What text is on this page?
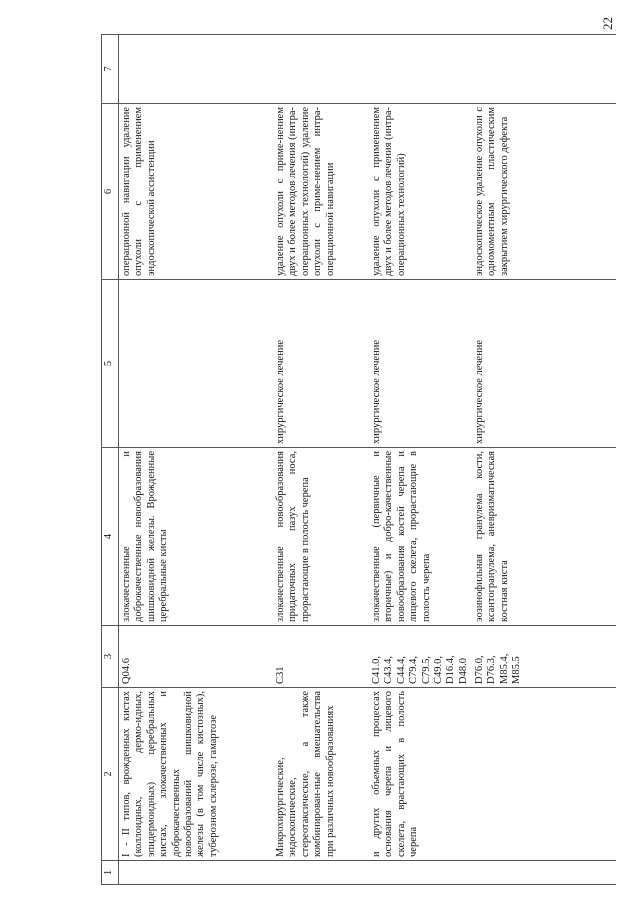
22
1	2	3	4	5	6	7
	I - II типов, врожденных кистах (коллоидных, дермо-идных, эпидермоидных) церебральных кистах, злокачественных и доброкачественных новообразований шишковидной железы (в том числе кистозных), туберозном склерозе, гамартозе	Q04.6	злокачественные и доброкачественные новообразования шишковидной железы. Врожденные церебральные кисты		операционной навигации удаление опухоли с применением эндоскопической ассистенции	
	Микрохирургические, эндоскопические, стереотаксические, а также комбинирован-ные вмешательства при различных новообразованиях	C31	злокачественные новообразования придаточных пазух носа, прорастающие в полость черепа	хирургическое лечение	удаление опухоли с приме-нением двух и более методов лечения (интра-операционных технологий) удаление опухоли с приме-нением интра-операционной навигации	
	и других объемных процессах основания черепа и лицевого скелета, врастающих в полость черепа	C41.0, C43.4, C44.4, C79.4, C79.5, C49.0, D16.4, D48.0	злокачественные (первичные и вторичные) и добро-качественные новообразования костей черепа и лицевого скелета, прорастающие в полость черепа	хирургическое лечение	удаление опухоли с применением двух и более методов лечения (интра-операционных технологий)	
		D76.0, D76.3, M85.4, M85.5	эозинофильная гранулема кости, ксантогранулема, аневризматическая костная киста	хирургическое лечение	эндоскопическое удаление опухоли с одномоментным пластическим закрытием хирургического дефекта	
